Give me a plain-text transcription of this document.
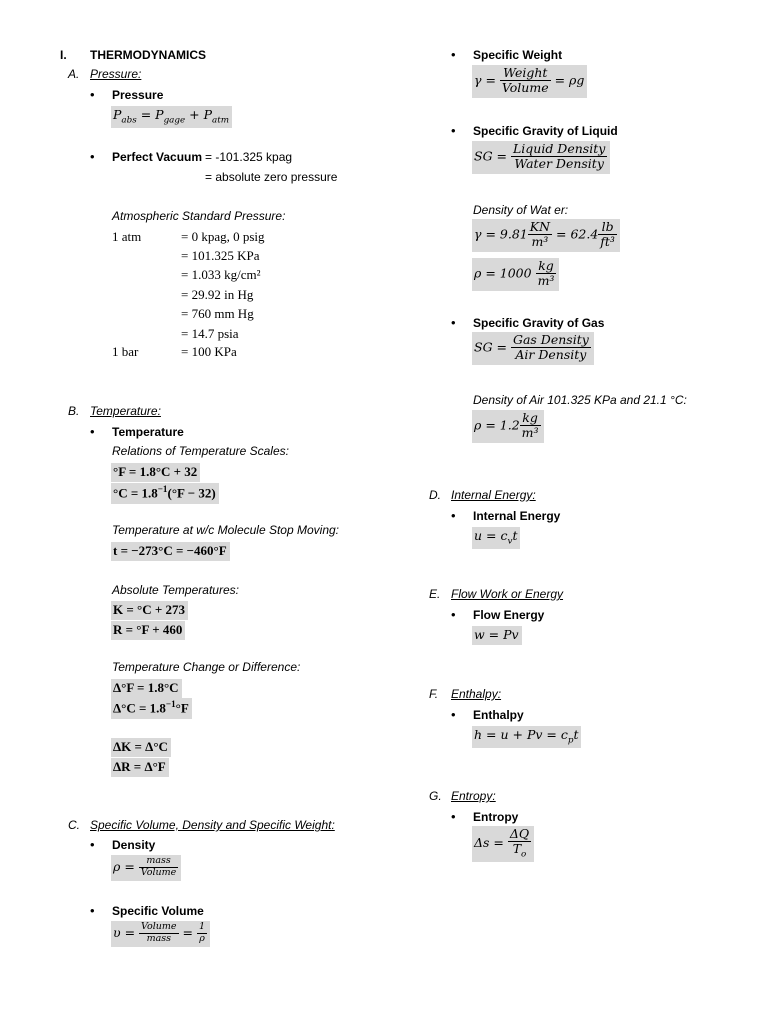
I. THERMODYNAMICS
A. Pressure:
• Pressure
$P_{abs} = P_{gage} + P_{atm}$
• Perfect Vacuum = -101.325 kpag
= absolute zero pressure
Atmospheric Standard Pressure:
1 atm	= 0 kpag, 0 psig
= 101.325 KPa
= 1.033 kg/cm²
= 29.92 in Hg
= 760 mm Hg
= 14.7 psia
1 bar	= 100 KPa
B. Temperature:
• Temperature
Relations of Temperature Scales:
°F = 1.8°C + 32
$^\circ C = 1.8^{-1}(^\circ F - 32)$
Temperature at w/c Molecule Stop Moving:
t = −273°C = −460°F
Absolute Temperatures:
K = °C + 273
R = °F + 460
Temperature Change or Difference:
Δ°F = 1.8°C
$\Delta^\circ C = 1.8^{-1}^\circ F$
ΔK = Δ°C
ΔR = Δ°F
C. Specific Volume, Density and Specific Weight:
• Density
$\rho = \frac{\text{mass}}{\text{Volume}}$
• Specific Volume
$\upsilon = \frac{\text{Volume}}{\text{mass}} = \frac{1}{\rho}$
• Specific Weight
$\gamma = \frac{\text{Weight}}{\text{Volume}} = \rho g$
• Specific Gravity of Liquid
SG = $\frac{\text{Liquid Density}}{\text{Water Density}}$
Density of Wat er:
$\gamma = 9.81 \frac{KN}{\text{m³}} = 62.4 \frac{lb}{\text{ft³}}$
$\rho = 1000 \frac{kg}{\text{m³}}$
• Specific Gravity of Gas
SG = $\frac{\text{Gas Density}}{\text{Air Density}}$
Density of Air 101.325 KPa and 21.1 °C:
$\rho = 1.2 \frac{kg}{\text{m³}}$
D. Internal Energy:
• Internal Energy
$u = c_vt$
E. Flow Work or Energy
• Flow Energy
w = Pv
F. Enthalpy:
• Enthalpy
$h = u + Pv = c_pt$
G. Entropy:
• Entropy
$\Delta s = \frac{\Delta Q}{T_o}$
